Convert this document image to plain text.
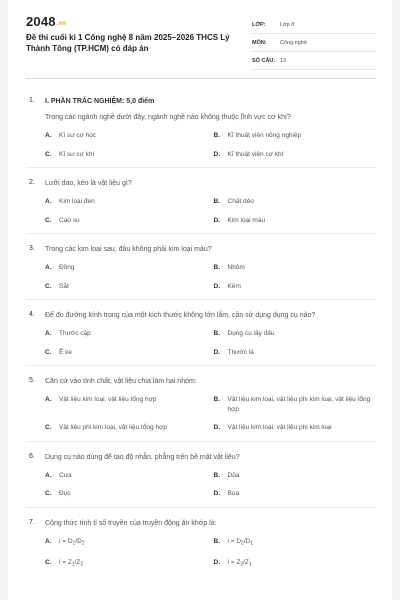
2048.vn
Đề thi cuối kì 1 Công nghệ 8 năm 2025–2026 THCS Lý Thành Tông (TP.HCM) có đáp án
LỚP:	Lớp 8
MÔN:	Công nghệ
SỐ CÂU: 13
1. I. PHẦN TRẮC NGHIỆM: 5,0 điểm
Trong các ngành nghề dưới đây, ngành nghề nào không thuộc lĩnh vực cơ khí?
A.	Kĩ sư cơ học	B.	Kĩ thuật viên nông nghiệp
C.	Kĩ sư cơ khí	D.	Kĩ thuật viên cơ khí
2. Lưỡi dao, kéo là vật liệu gì?
A.	Kim loại đen	B.	Chất dẻo
C.	Cao su	D.	Kim loại màu
3. Trong các kim loại sau, đâu không phải kim loại màu?
A.	Đồng	B.	Nhôm
C.	Sắt	D.	Kẽm
4. Để đo đường kính trong của một kích thước không lớn lắm, cần sử dụng dụng cụ nào?
A.	Thước cặp	B.	Dụng cụ lấy dấu
C.	Ê ke	D.	Thước lá
5. Căn cứ vào tính chất, vật liệu chia làm hai nhóm:
A.	Vật liệu kim loại, vật liệu tổng hợp	B.	Vật liệu kim loại, vật liệu phi kim loại, vật liệu tổng hợp
C.	Vật liệu phi kim loại, vật liệu tổng hợp	D.	Vật liệu kim loại, vật liệu phi kim loại
6. Dụng cụ nào dùng để tạo độ nhẵn, phẳng trên bề mặt vật liệu?
A.	Cưa	B.	Dũa
C.	Đục	D.	Búa
7. Công thức tính tỉ số truyền của truyền động ăn khớp là:
A.	$i = D_1/D_2$	B.	$i = D_2/D_1$
C.	$i = Z_1/Z_2$	D.	$i = Z_2/Z_1$
